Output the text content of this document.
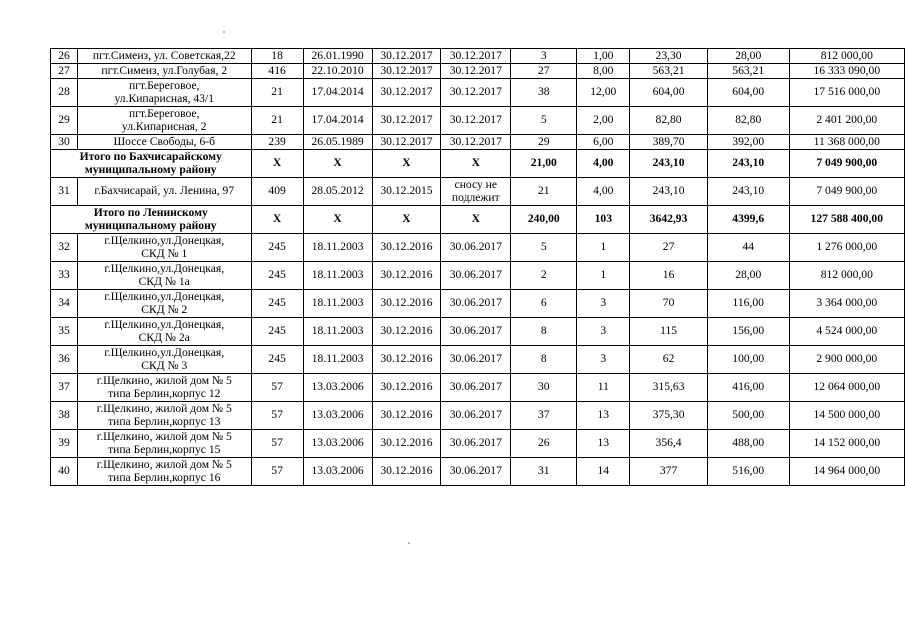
26	пгт.Симеиз, ул. Советская,22	18	26.01.1990	30.12.2017	30.12.2017	3	1,00	23,30	28,00	812 000,00
27	пгт.Симеиз, ул.Голубая, 2	416	22.10.2010	30.12.2017	30.12.2017	27	8,00	563,21	563,21	16 333 090,00
28	пгт.Береговое,
ул.Кипарисная, 43/1	21	17.04.2014	30.12.2017	30.12.2017	38	12,00	604,00	604,00	17 516 000,00
29	пгт.Береговое,
ул.Кипарисная, 2	21	17.04.2014	30.12.2017	30.12.2017	5	2,00	82,80	82,80	2 401 200,00
30	Шоссе Свободы, 6-б	239	26.05.1989	30.12.2017	30.12.2017	29	6,00	389,70	392,00	11 368 000,00

Итого по Бахчисарайскому
муниципальному району		X	X	X	X	21,00	4,00	243,10	243,10	7 049 900,00
31	г.Бахчисарай, ул. Ленина, 97	409	28.05.2012	30.12.2015	сносу не
подлежит	21	4,00	243,10	243,10	7 049 900,00

Итого по Ленинскому
муниципальному району		X	X	X	X	240,00	103	3642,93	4399,6	127 588 400,00
32	г.Щелкино,ул.Донецкая,
СКД № 1	245	18.11.2003	30.12.2016	30.06.2017	5	1	27	44	1 276 000,00
33	г.Щелкино,ул.Донецкая,
СКД № 1а	245	18.11.2003	30.12.2016	30.06.2017	2	1	16	28,00	812 000,00
34	г.Щелкино,ул.Донецкая,
СКД № 2	245	18.11.2003	30.12.2016	30.06.2017	6	3	70	116,00	3 364 000,00
35	г.Щелкино,ул.Донецкая,
СКД № 2а	245	18.11.2003	30.12.2016	30.06.2017	8	3	115	156,00	4 524 000,00
36	г.Щелкино,ул.Донецкая,
СКД № 3	245	18.11.2003	30.12.2016	30.06.2017	8	3	62	100,00	2 900 000,00
37	г.Щелкино, жилой дом № 5
типа Берлин,корпус 12	57	13.03.2006	30.12.2016	30.06.2017	30	11	315,63	416,00	12 064 000,00
38	г.Щелкино, жилой дом № 5
типа Берлин,корпус 13	57	13.03.2006	30.12.2016	30.06.2017	37	13	375,30	500,00	14 500 000,00
39	г.Щелкино, жилой дом № 5
типа Берлин,корпус 15	57	13.03.2006	30.12.2016	30.06.2017	26	13	356,4	488,00	14 152 000,00
40	г.Щелкино, жилой дом № 5
типа Берлин,корпус 16	57	13.03.2006	30.12.2016	30.06.2017	31	14	377	516,00	14 964 000,00
